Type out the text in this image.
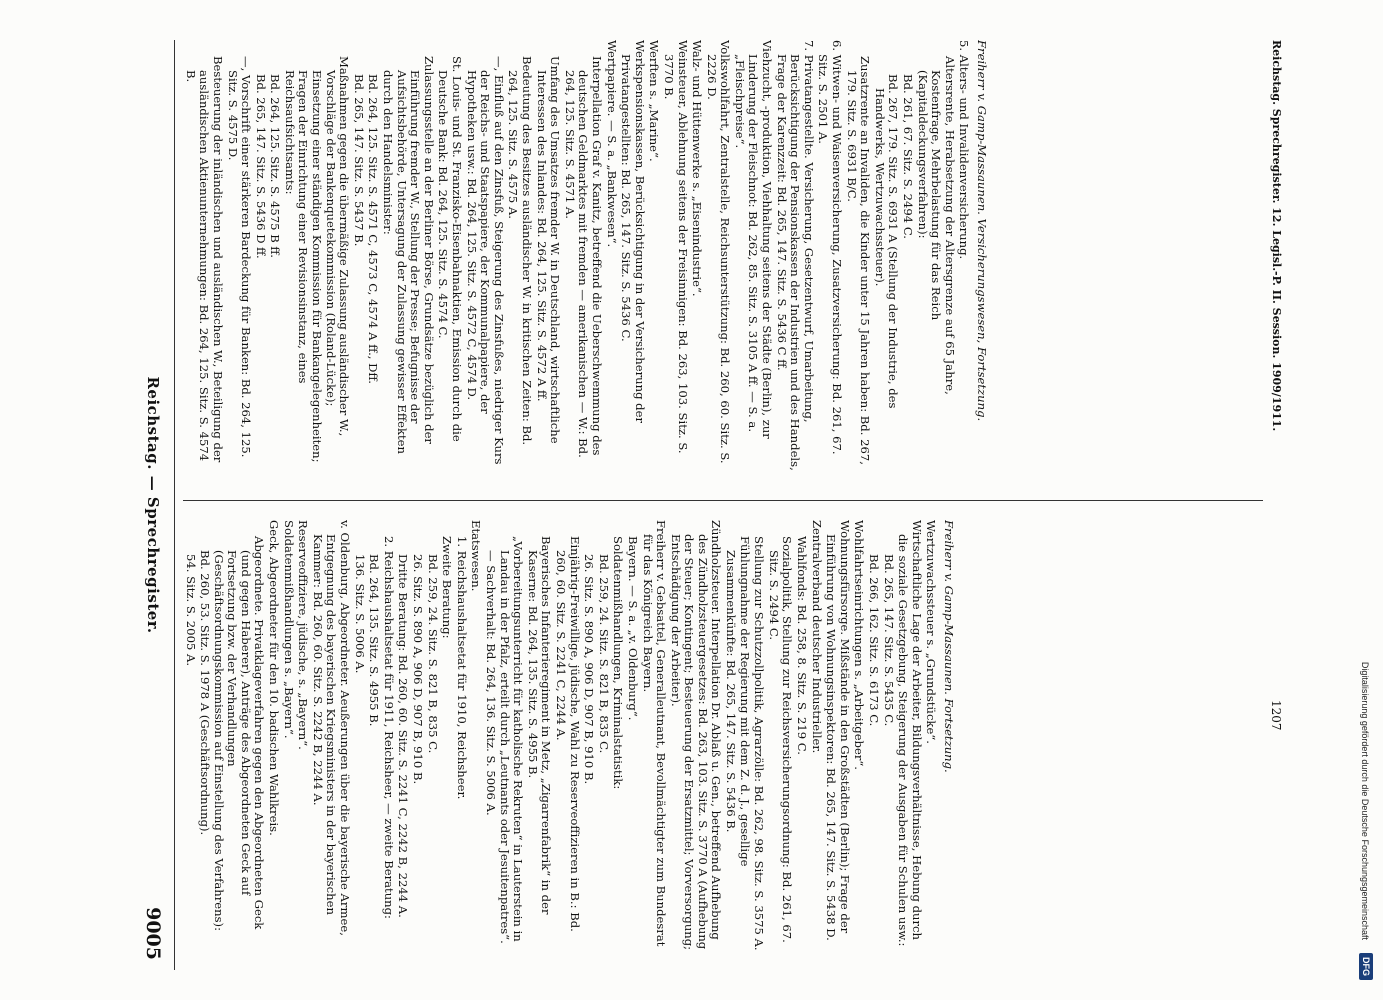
Digitalisierung gefördert durch die Deutsche Forschungsgemeinschaft
DFG
Reichstag. Sprechregister. 12. Legisl.-P. II. Session. 1909/1911.
1207
Freiherr v. Gamp-Massaunen. Versicherungswesen, Fortsetzung.
5. Alters- und Invalidenversicherung.
Altersrente, Herabsetzung der Altersgrenze auf 65 Jahre, Kostenfrage, Mehrbelastung für das Reich (Kapitaldeckungsverfahren):
Bd. 261, 67. Sitz. S. 2494 C.
Bd. 267, 179. Sitz. S. 6931 A (Stellung der Industrie, des Handwerks, Wertzuwachssteuer).
Zusatzrente an Invaliden, die Kinder unter 15 Jahren haben: Bd. 267, 179. Sitz. S. 6931 B/C.
6. Witwen- und Waisenversicherung, Zusatzversicherung: Bd. 261, 67. Sitz. S. 2501 A.
7. Privatangestellte. Versicherung, Gesetzentwurf, Umarbeitung, Berücksichtigung der Pensionskassen der Industrien und des Handels, Frage der Karenzzeit: Bd. 265, 147. Sitz. S. 5436 C ff.
Viehzucht, -produktion, Viehhaltung seitens der Städte (Berlin), zur Linderung der Fleischnot: Bd. 262, 85. Sitz. S. 3105 A ff. — S. a. „Fleischpreise“.
Volkswohlfahrt, Zentralstelle, Reichsunterstützung: Bd. 260, 60. Sitz. S. 2226 D.
Walz- und Hüttenwerke s. „Eisenindustrie“.
Weinsteuer, Ablehnung seitens der Freisinnigen: Bd. 263, 103. Sitz. S. 3770 B.
Werften s. „Marine“.
Werkspensionskassen, Berücksichtigung in der Versicherung der Privatangestellten: Bd. 265, 147. Sitz. S. 5436 C.
Wertpapiere. — S. a. „Bankwesen“.
Interpellation Graf v. Kanitz, betreffend die Ueberschwemmung des deutschen Geldmarktes mit fremden — amerikanischen — W.: Bd. 264, 125. Sitz. S. 4571 A.
Umfang des Umsatzes fremder W. in Deutschland, wirtschaftliche Interessen des Inlandes: Bd. 264, 125. Sitz. S. 4572 A ff.
Bedeutung des Besitzes ausländischer W. in kritischen Zeiten: Bd. 264, 125. Sitz. S. 4575 A.
—, Einfluß auf den Zinsfuß, Steigerung des Zinsfußes, niedriger Kurs der Reichs- und Staatspapiere, der Kommunalpapiere, der Hypotheken usw.: Bd. 264, 125. Sitz. S. 4572 C, 4574 D.
St. Louis- und St. Franzisko-Eisenbahnaktien, Emission durch die Deutsche Bank: Bd. 264, 125. Sitz. S. 4574 C.
Zulassungsstelle an der Berliner Börse, Grundsätze bezüglich der Einführung fremder W., Stellung der Presse; Befugnisse der Aufsichtsbehörde, Untersagung der Zulassung gewisser Effekten durch den Handelsminister:
Bd. 264, 125. Sitz. S. 4571 C, 4573 C, 4574 A ff., Dff.
Bd. 265, 147. Sitz. S. 5437 B.
Maßnahmen gegen die übermäßige Zulassung ausländischer W., Vorschläge der Bankenquetekommission (Roland-Lücke); Einsetzung einer ständigen Kommission für Bankangelegenheiten; Fragen der Einrichtung einer Revisionsinstanz, eines Reichsaufsichtsamts:
Bd. 264, 125. Sitz. S. 4575 B ff.
Bd. 265, 147. Sitz. S. 5436 D ff.
—, Vorschrift einer stärkeren Bardeckung für Banken: Bd. 264, 125. Sitz. S. 4575 D.
Besteuerung der inländischen und ausländischen W., Beteiligung der ausländischen Aktienunternehmungen: Bd. 264, 125. Sitz. S. 4574 B.
Freiherr v. Gamp-Massaunen. Fortsetzung.
Wertzuwachssteuer s. „Grundstücke“.
Wirtschaftliche Lage der Arbeiter, Bildungsverhältnisse, Hebung durch die soziale Gesetzgebung, Steigerung der Ausgaben für Schulen usw.:
Bd. 265, 147. Sitz. S. 5435 C.
Bd. 266, 162. Sitz. S. 6173 C.
Wohlfahrtseinrichtungen s. „Arbeitgeber“.
Wohnungsfürsorge. Mißstände in den Großstädten (Berlin); Frage der Einführung von Wohnungsinspektoren: Bd. 265, 147. Sitz. S. 5438 D.
Zentralverband deutscher Industrieller.
Wahlfonds: Bd. 258, 8. Sitz. S. 219 C.
Sozialpolitik, Stellung zur Reichsversicherungsordnung: Bd. 261, 67. Sitz. S. 2494 C.
Stellung zur Schutzzollpolitik, Agrarzölle: Bd. 262, 98. Sitz. S. 3575 A.
Fühlungnahme der Regierung mit dem Z. d. J., gesellige Zusammenkünfte: Bd. 265, 147. Sitz. S. 5436 B.
Zündholzsteuer. Interpellation Dr. Ablaß u. Gen., betreffend Aufhebung des Zündholzsteuergesetzes: Bd. 263, 103. Sitz. S. 3770 A (Aufhebung der Steuer; Kontingent; Besteuerung der Ersatzmittel; Vorversorgung; Entschädigung der Arbeiter).
Freiherr v. Gebsattel, Generalleutnant, Bevollmächtigter zum Bundesrat für das Königreich Bayern.
Bayern. — S. a. „v. Oldenburg“.
Soldatenmißhandlungen, Kriminalstatistik:
Bd. 259, 24. Sitz. S. 821 B, 835 C.
26. Sitz. S. 890 A, 906 D, 907 B, 910 B.
Einjährig-Freiwillige, jüdische, Wahl zu Reserveoffizieren in B.: Bd. 260, 60. Sitz. S. 2241 C, 2244 A.
Bayerisches Infanterieregiment in Metz, „Zigarrenfabrik“ in der Kaserne: Bd. 264, 135. Sitz. S. 4955 B.
„Vorbereitungsunterricht für katholische Rekruten“ in Lauterstein in Landau in der Pfalz, erteilt durch „Leutnants oder Jesuitenpatres“. — Sachverhalt: Bd. 264, 136. Sitz. S. 5006 A.
Etatswesen.
1. Reichshaushaltsetat für 1910, Reichsheer.
Zweite Beratung:
Bd. 259, 24. Sitz. S. 821 B, 835 C.
26. Sitz. S. 890 A, 906 D, 907 B, 910 B.
Dritte Beratung: Bd. 260, 60. Sitz. S. 2241 C, 2242 B, 2244 A.
2. Reichshaushaltsetat für 1911, Reichsheer, — zweite Beratung:
Bd. 264, 135. Sitz. S. 4955 B.
136. Sitz. S. 5006 A.
v. Oldenburg, Abgeordneter. Aeußerungen über die bayerische Armee, Entgegnung des bayerischen Kriegsministers in der bayerischen Kammer: Bd. 260, 60. Sitz. S. 2242 B, 2244 A.
Reserveoffiziere, jüdische, s. „Bayern“.
Soldatenmißhandlungen s. „Bayern“.
Geck, Abgeordneter für den 10. badischen Wahlkreis.
Abgeordnete. Privatklageverfahren gegen den Abgeordneten Geck (und gegen Haberer), Anträge des Abgeordneten Geck auf Fortsetzung bzw. der Verhandlungen (Geschäftsordnungskommission auf Einstellung des Verfahrens): Bd. 260, 53. Sitz. S. 1978 A (Geschäftsordnung).
54. Sitz. S. 2005 A.
Reichstag. — Sprechregister.
9005
